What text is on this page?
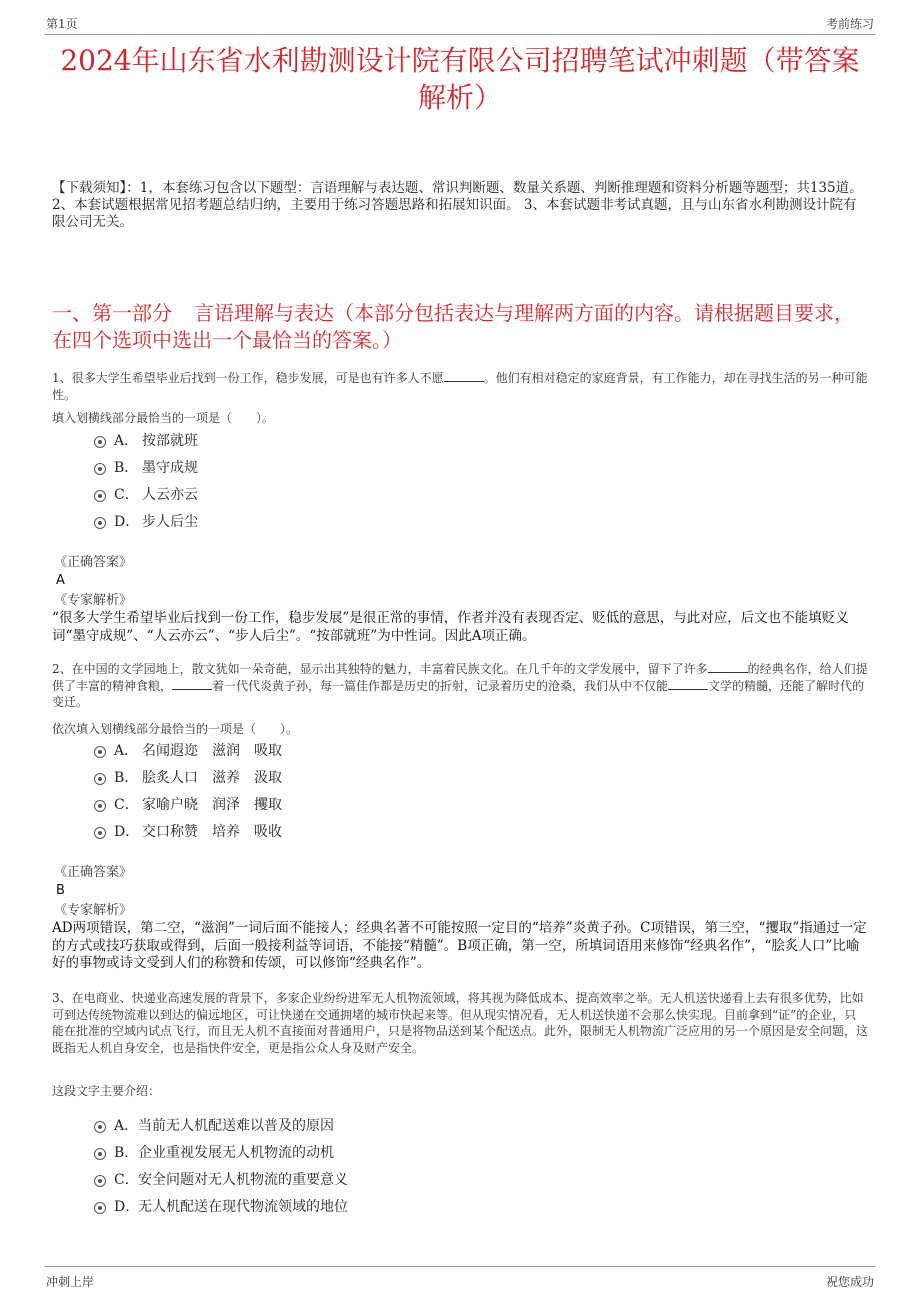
第1页	考前练习
2024年山东省水利勘测设计院有限公司招聘笔试冲刺题（带答案解析）
【下载须知】：1，本套练习包含以下题型：言语理解与表达题、常识判断题、数量关系题、判断推理题和资料分析题等题型；共135道。 2、本套试题根据常见招考题总结归纳，主要用于练习答题思路和拓展知识面。 3、本套试题非考试真题，且与山东省水利勘测设计院有限公司无关。
一、第一部分 言语理解与表达（本部分包括表达与理解两方面的内容。请根据题目要求，在四个选项中选出一个最恰当的答案。）
1、很多大学生希望毕业后找到一份工作，稳步发展，可是也有许多人不愿	。他们有相对稳定的家庭背景，有工作能力，却在寻找生活的另一种可能性。
填入划横线部分最恰当的一项是（　　）。
A． 按部就班
B． 墨守成规
C． 人云亦云
D． 步人后尘
《正确答案》
A
《专家解析》
“很多大学生希望毕业后找到一份工作，稳步发展”是很正常的事情，作者并没有表现否定、贬低的意思，与此对应，后文也不能填贬义词“墨守成规”、“人云亦云”、“步人后尘”。“按部就班”为中性词。因此A项正确。
2、在中国的文学园地上，散文犹如一朵奇葩，显示出其独特的魅力，丰富着民族文化。在几千年的文学发展中，留下了许多	的经典名作，给人们提供了丰富的精神食粮，	着一代代炎黄子孙，每一篇佳作都是历史的折射，记录着历史的沧桑，我们从中不仅能	文学的精髓，还能了解时代的变迁。
依次填入划横线部分最恰当的一项是（　　）。
A． 名闻遐迩 滋润 吸取
B． 脍炙人口 滋养 汲取
C． 家喻户晓 润泽 攫取
D． 交口称赞 培养 吸收
《正确答案》
B
《专家解析》
AD两项错误，第二空，“滋润”一词后面不能接人；经典名著不可能按照一定目的“培养”炎黄子孙。C项错误，第三空，“攫取”指通过一定的方式或技巧获取或得到，后面一般接利益等词语，不能接“精髓”。B项正确，第一空，所填词语用来修饰“经典名作”，“脍炙人口”比喻好的事物或诗文受到人们的称赞和传颂，可以修饰“经典名作”。
3、在电商业、快递业高速发展的背景下，多家企业纷纷进军无人机物流领域，将其视为降低成本、提高效率之举。无人机送快递看上去有很多优势，比如可到达传统物流难以到达的偏远地区，可让快递在交通拥堵的城市快起来等。但从现实情况看，无人机送快递不会那么快实现。目前拿到“证”的企业，只能在批准的空域内试点飞行，而且无人机不直接面对普通用户，只是将物品送到某个配送点。此外，限制无人机物流广泛应用的另一个原因是安全问题，这既指无人机自身安全，也是指快件安全，更是指公众人身及财产安全。
这段文字主要介绍：
A． 当前无人机配送难以普及的原因
B． 企业重视发展无人机物流的动机
C． 安全问题对无人机物流的重要意义
D．
无人机配送在现代物流领域的地位
冲刺上岸	祝您成功
